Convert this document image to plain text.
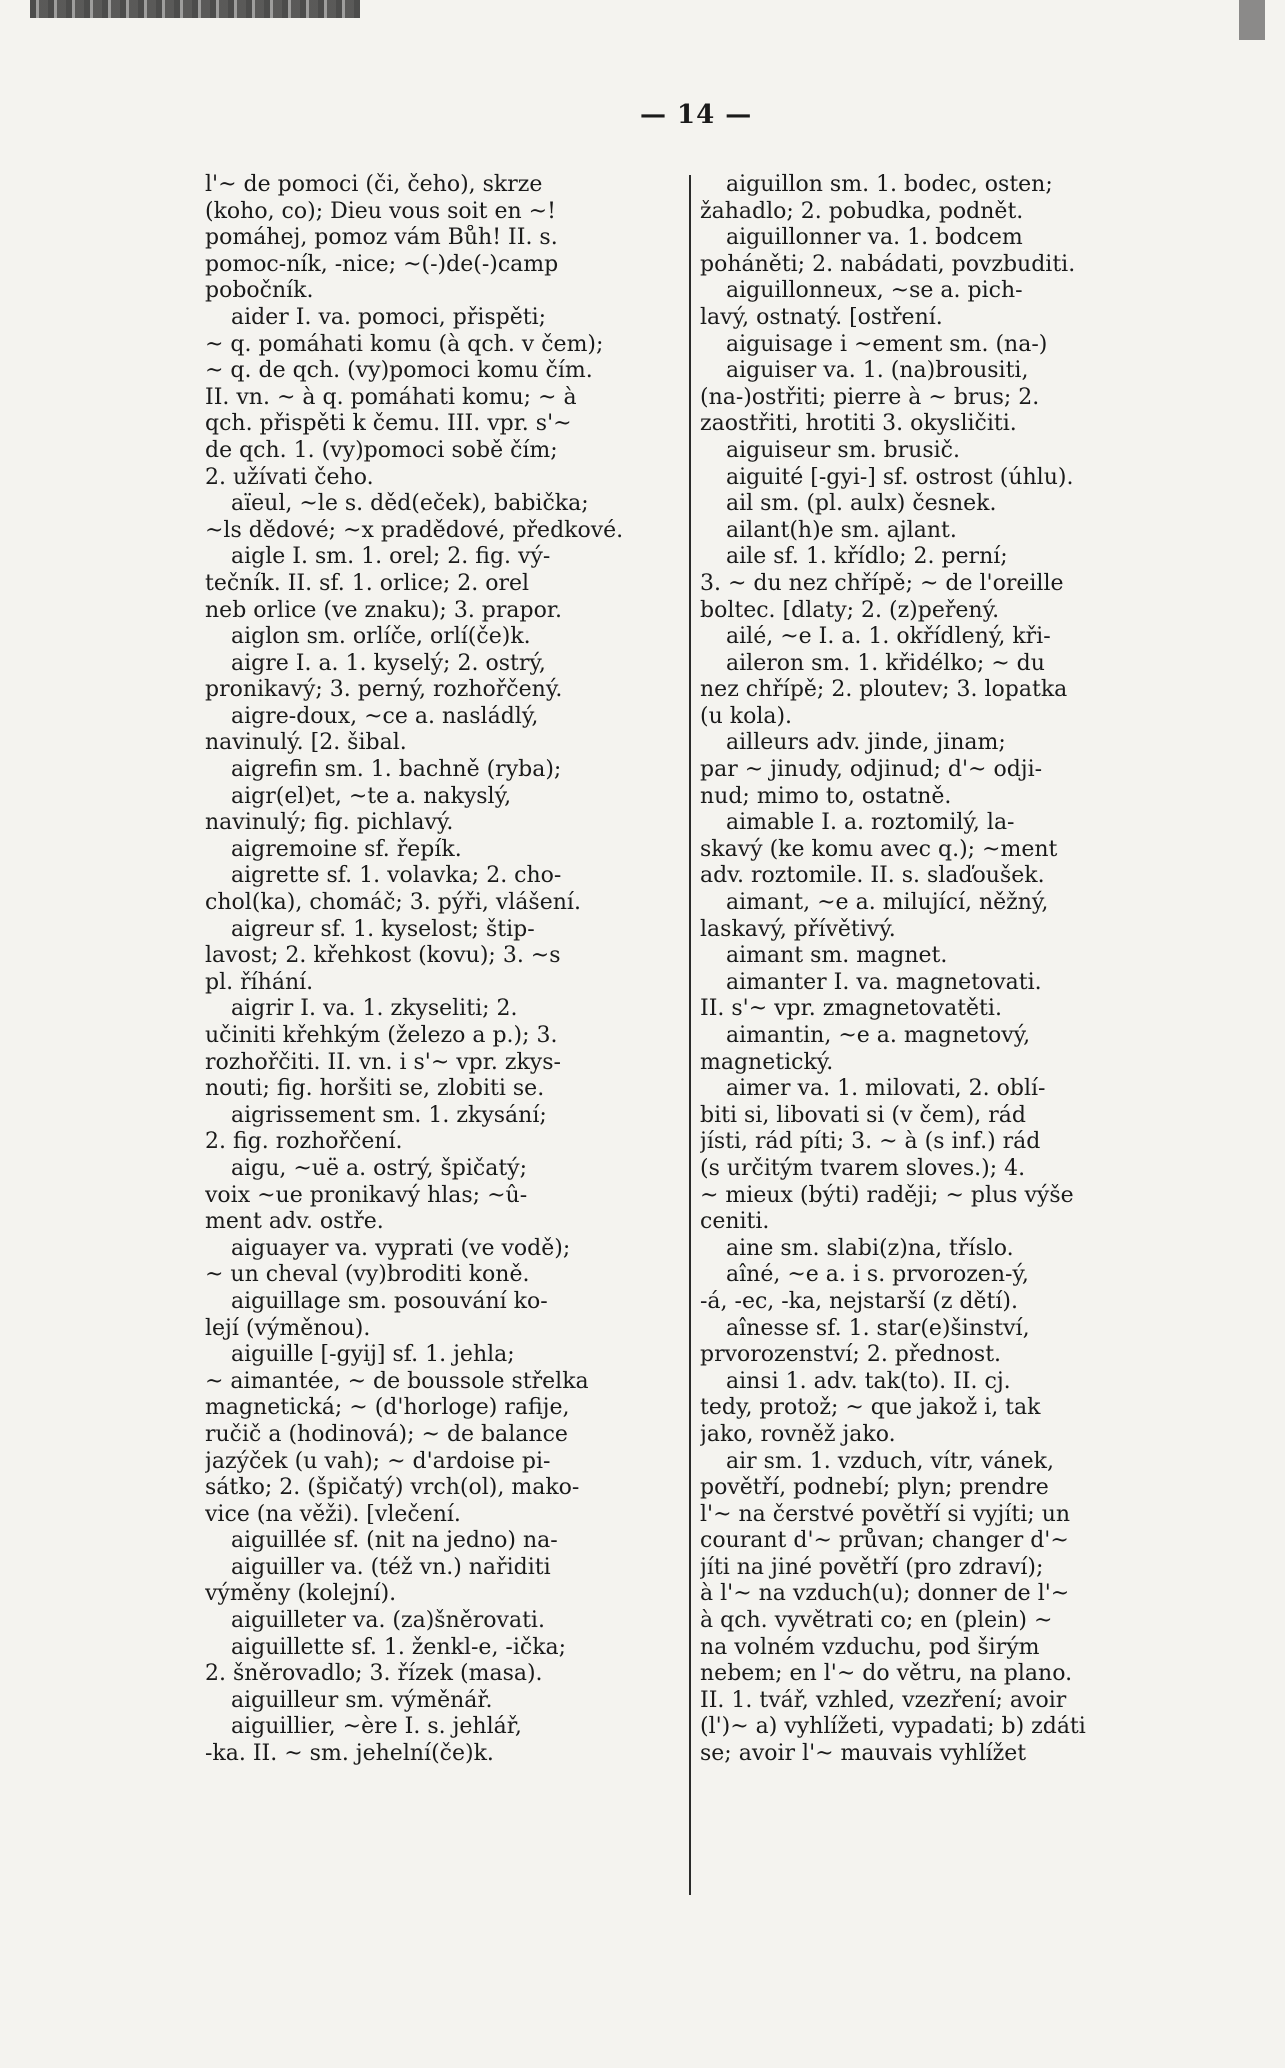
— 14 —
l'~ de pomoci (či, čeho), skrze
(koho, co); Dieu vous soit en ~!
pomáhej, pomoz vám Bůh! II. s.
pomoc-ník, -nice; ~(-)de(-)camp
pobočník.
aider I. va. pomoci, přispěti;
~ q. pomáhati komu (à qch. v čem);
~ q. de qch. (vy)pomoci komu čím.
II. vn. ~ à q. pomáhati komu; ~ à
qch. přispěti k čemu. III. vpr. s'~
de qch. 1. (vy)pomoci sobě čím;
2. užívati čeho.
aïeul, ~le s. děd(eček), babička;
~ls dědové; ~x pradědové, předkové.
aigle I. sm. 1. orel; 2. fig. vý-
tečník. II. sf. 1. orlice; 2. orel
neb orlice (ve znaku); 3. prapor.
aiglon sm. orlíče, orlí(če)k.
aigre I. a. 1. kyselý; 2. ostrý,
pronikavý; 3. perný, rozhořčený.
aigre-doux, ~ce a. nasládlý,
navinulý. [2. šibal.
aigrefin sm. 1. bachně (ryba);
aigr(el)et, ~te a. nakyslý,
navinulý; fig. pichlavý.
aigremoine sf. řepík.
aigrette sf. 1. volavka; 2. cho-
chol(ka), chomáč; 3. pýři, vlášení.
aigreur sf. 1. kyselost; štip-
lavost; 2. křehkost (kovu); 3. ~s
pl. říhání.
aigrir I. va. 1. zkyseliti; 2.
učiniti křehkým (železo a p.); 3.
rozhořčiti. II. vn. i s'~ vpr. zkys-
nouti; fig. horšiti se, zlobiti se.
aigrissement sm. 1. zkysání;
2. fig. rozhořčení.
aigu, ~uë a. ostrý, špičatý;
voix ~ue pronikavý hlas; ~û-
ment adv. ostře.
aiguayer va. vyprati (ve vodě);
~ un cheval (vy)broditi koně.
aiguillage sm. posouvání ko-
lejí (výměnou).
aiguille [-gyij] sf. 1. jehla;
~ aimantée, ~ de boussole střelka
magnetická; ~ (d'horloge) rafije,
ručič a (hodinová); ~ de balance
jazýček (u vah); ~ d'ardoise pi-
sátko; 2. (špičatý) vrch(ol), mako-
vice (na věži). [vlečení.
aiguillée sf. (nit na jedno) na-
aiguiller va. (též vn.) nařiditi
výměny (kolejní).
aiguilleter va. (za)šněrovati.
aiguillette sf. 1. ženkl-e, -ička;
2. šněrovadlo; 3. řízek (masa).
aiguilleur sm. výměnář.
aiguillier, ~ère I. s. jehlář,
-ka. II. ~ sm. jehelní(če)k.
aiguillon sm. 1. bodec, osten;
žahadlo; 2. pobudka, podnět.
aiguillonner va. 1. bodcem
poháněti; 2. nabádati, povzbuditi.
aiguillonneux, ~se a. pich-
lavý, ostnatý. [ostření.
aiguisage i ~ement sm. (na-)
aiguiser va. 1. (na)brousiti,
(na-)ostřiti; pierre à ~ brus; 2.
zaostřiti, hrotiti 3. okysličiti.
aiguiseur sm. brusič.
aiguité [-gyi-] sf. ostrost (úhlu).
ail sm. (pl. aulx) česnek.
ailant(h)e sm. ajlant.
aile sf. 1. křídlo; 2. perní;
3. ~ du nez chřípě; ~ de l'oreille
boltec. [dlaty; 2. (z)peřený.
ailé, ~e I. a. 1. okřídlený, kři-
aileron sm. 1. křidélko; ~ du
nez chřípě; 2. ploutev; 3. lopatka
(u kola).
ailleurs adv. jinde, jinam;
par ~ jinudy, odjinud; d'~ odji-
nud; mimo to, ostatně.
aimable I. a. roztomilý, la-
skavý (ke komu avec q.); ~ment
adv. roztomile. II. s. slaďoušek.
aimant, ~e a. milující, něžný,
laskavý, přívětivý.
aimant sm. magnet.
aimanter I. va. magnetovati.
II. s'~ vpr. zmagnetovatěti.
aimantin, ~e a. magnetový,
magnetický.
aimer va. 1. milovati, 2. oblí-
biti si, libovati si (v čem), rád
jísti, rád píti; 3. ~ à (s inf.) rád
(s určitým tvarem sloves.); 4.
~ mieux (býti) raději; ~ plus výše
ceniti.
aine sm. slabi(z)na, tříslo.
aîné, ~e a. i s. prvorozen-ý,
-á, -ec, -ka, nejstarší (z dětí).
aînesse sf. 1. star(e)šinství,
prvorozenství; 2. přednost.
ainsi 1. adv. tak(to). II. cj.
tedy, protož; ~ que jakož i, tak
jako, rovněž jako.
air sm. 1. vzduch, vítr, vánek,
povětří, podnebí; plyn; prendre
l'~ na čerstvé povětří si vyjíti; un
courant d'~ průvan; changer d'~
jíti na jiné povětří (pro zdraví);
à l'~ na vzduch(u); donner de l'~
à qch. vyvětrati co; en (plein) ~
na volném vzduchu, pod širým
nebem; en l'~ do větru, na plano.
II. 1. tvář, vzhled, vzezření; avoir
(l')~ a) vyhlížeti, vypadati; b) zdáti
se; avoir l'~ mauvais vyhlížet
